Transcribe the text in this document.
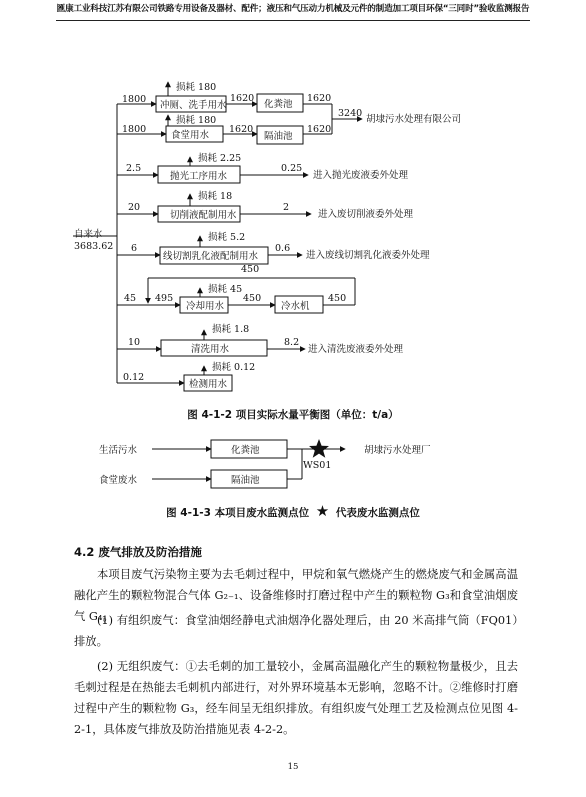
匯康工业科技江苏有限公司铁路专用设备及器材、配件；液压和气压动力机械及元件的制造加工项目环保“三同时”验收监测报告
自来水
3683.62
1800
损耗 180
冲厕、洗手用水
1620
化粪池
1620
1800
损耗 180
食堂用水
1620
隔油池
1620
3240
胡埭污水处理有限公司
2.5
损耗 2.25
抛光工序用水
0.25
进入抛光废液委外处理
20
损耗 18
切削液配制用水
2
进入废切削液委外处理
6
损耗 5.2
线切割乳化液配制用水
0.6
进入废线切割乳化液委外处理
45
损耗 45
495
450
冷却用水
450
冷水机
450
10
损耗 1.8
清洗用水
8.2
进入清洗废液委外处理
0.12
损耗 0.12
检测用水
图 4-1-2 项目实际水量平衡图（单位：t/a）
生活污水
食堂废水
化粪池
隔油池
WS01
胡埭污水处理厂
图 4-1-3 本项目废水监测点位 ★ 代表废水监测点位
4.2 废气排放及防治措施
本项目废气污染物主要为去毛刺过程中，甲烷和氧气燃烧产生的燃烧废气和金属高温融化产生的颗粒物混合气体 G₂₋₁、设备维修时打磨过程中产生的颗粒物 G₃和食堂油烟废气 G₄。
(1) 有组织废气：食堂油烟经静电式油烟净化器处理后，由 20 米高排气筒（FQ01）排放。
(2) 无组织废气：①去毛刺的加工量较小，金属高温融化产生的颗粒物量极少，且去毛刺过程是在热能去毛刺机内部进行，对外界环境基本无影响，忽略不计。②维修时打磨过程中产生的颗粒物 G₃，经车间呈无组织排放。有组织废气处理工艺及检测点位见图 4-2-1，具体废气排放及防治措施见表 4-2-2。
15
